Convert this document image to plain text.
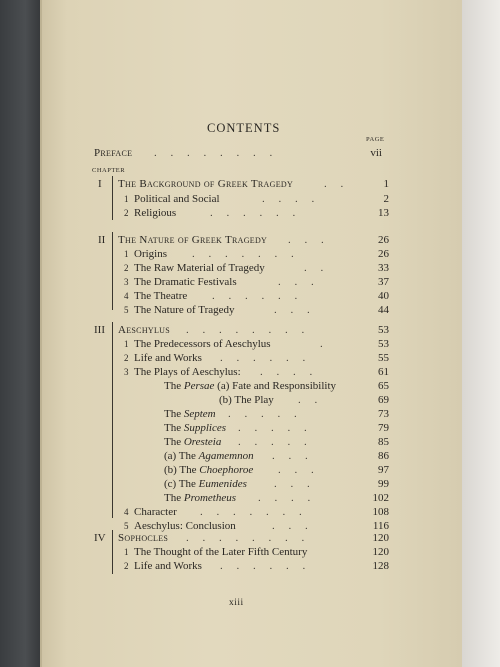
CONTENTS
PAGE
Preface .     .     .     .     .     .     .     .	vii
CHAPTER
I The Background of Greek Tragedy	.     .	1
1 Political and Social	.     .     .     .	2
2 Religious	.     .     .     .     .     .	13
II The Nature of Greek Tragedy .     .     .	26
1 Origins .     .     .     .     .     .     .	26
2 The Raw Material of Tragedy	.     .	33
3 The Dramatic Festivals	.     .     .	37
4 The Theatre .     .     .     .     .     .	40
5 The Nature of Tragedy	.     .     .	44
III Aeschylus .     .     .     .     .     .     .     .	53
1 The Predecessors of Aeschylus	.	53
2 Life and Works .     .     .     .     .     .	55
3 The Plays of Aeschylus: .     .     .     .	61
The Persae (a) Fate and Responsibility	65
(b) The Play .     .	69
The Septem .     .     .     .     .	73
The Supplices .     .     .     .     .	79
The Oresteia .     .     .     .     .	85
(a) The Agamemnon .     .     .	86
(b) The Choephoroe .     .     .	97
(c) The Eumenides .     .     .	99
The Prometheus .     .     .     .	102
4 Character .     .     .     .     .     .     .	108
5 Aeschylus: Conclusion	.     .     .	116
IV Sophocles .     .     .     .     .     .     .     .	120
1 The Thought of the Later Fifth Century	120
2 Life and Works .     .     .     .     .     .	128
xiii
